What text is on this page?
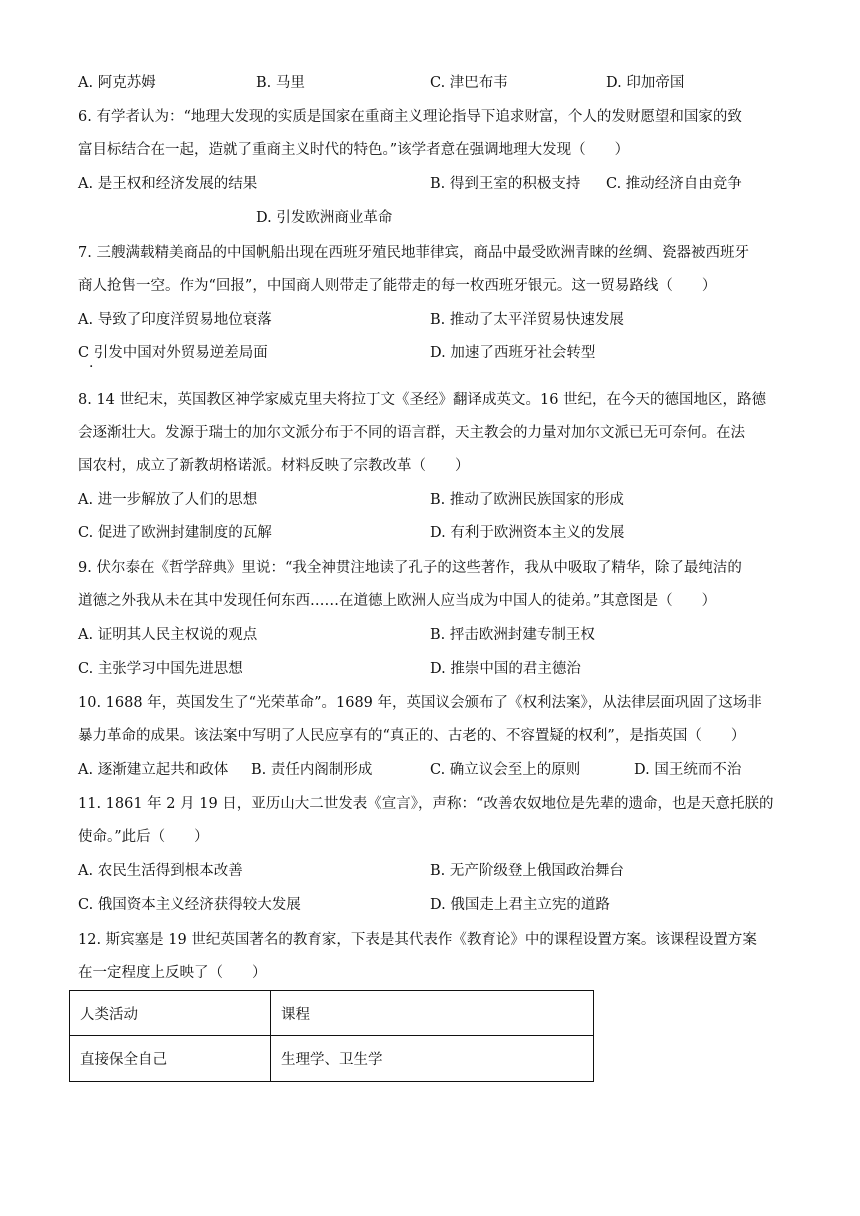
A. 阿克苏姆	B. 马里	C. 津巴布韦	D. 印加帝国
6. 有学者认为：“地理大发现的实质是国家在重商主义理论指导下追求财富，个人的发财愿望和国家的致
富目标结合在一起，造就了重商主义时代的特色。”该学者意在强调地理大发现（　　）
A. 是王权和经济发展的结果	B. 得到王室的积极支持 C. 推动经济自由竞争
D. 引发欧洲商业革命
7. 三艘满载精美商品的中国帆船出现在西班牙殖民地菲律宾，商品中最受欧洲青睐的丝绸、瓷器被西班牙
商人抢售一空。作为“回报”，中国商人则带走了能带走的每一枚西班牙银元。这一贸易路线（　　）
A. 导致了印度洋贸易地位衰落	B. 推动了太平洋贸易快速发展
C 引发中国对外贸易逆差局面	D. 加速了西班牙社会转型
·
8. 14 世纪末，英国教区神学家威克里夫将拉丁文《圣经》翻译成英文。16 世纪，在今天的德国地区，路德
会逐渐壮大。发源于瑞士的加尔文派分布于不同的语言群，天主教会的力量对加尔文派已无可奈何。在法
国农村，成立了新教胡格诺派。材料反映了宗教改革（　　）
A. 进一步解放了人们的思想	B. 推动了欧洲民族国家的形成
C. 促进了欧洲封建制度的瓦解	D. 有利于欧洲资本主义的发展
9. 伏尔泰在《哲学辞典》里说：“我全神贯注地读了孔子的这些著作，我从中吸取了精华，除了最纯洁的
道德之外我从未在其中发现任何东西……在道德上欧洲人应当成为中国人的徒弟。”其意图是（　　）
A. 证明其人民主权说的观点	B. 抨击欧洲封建专制王权
C. 主张学习中国先进思想	D. 推崇中国的君主德治
10. 1688 年，英国发生了“光荣革命”。1689 年，英国议会颁布了《权利法案》，从法律层面巩固了这场非
暴力革命的成果。该法案中写明了人民应享有的“真正的、古老的、不容置疑的权利”，是指英国（　　）
A. 逐渐建立起共和政体 B. 责任内阁制形成	C. 确立议会至上的原则	D. 国王统而不治
11. 1861 年 2 月 19 日，亚历山大二世发表《宣言》，声称：“改善农奴地位是先辈的遗命，也是天意托朕的
使命。”此后（　　）
A. 农民生活得到根本改善	B. 无产阶级登上俄国政治舞台
C. 俄国资本主义经济获得较大发展	D. 俄国走上君主立宪的道路
12. 斯宾塞是 19 世纪英国著名的教育家，下表是其代表作《教育论》中的课程设置方案。该课程设置方案
在一定程度上反映了（　　）
人类活动	课程
直接保全自己	生理学、卫生学
